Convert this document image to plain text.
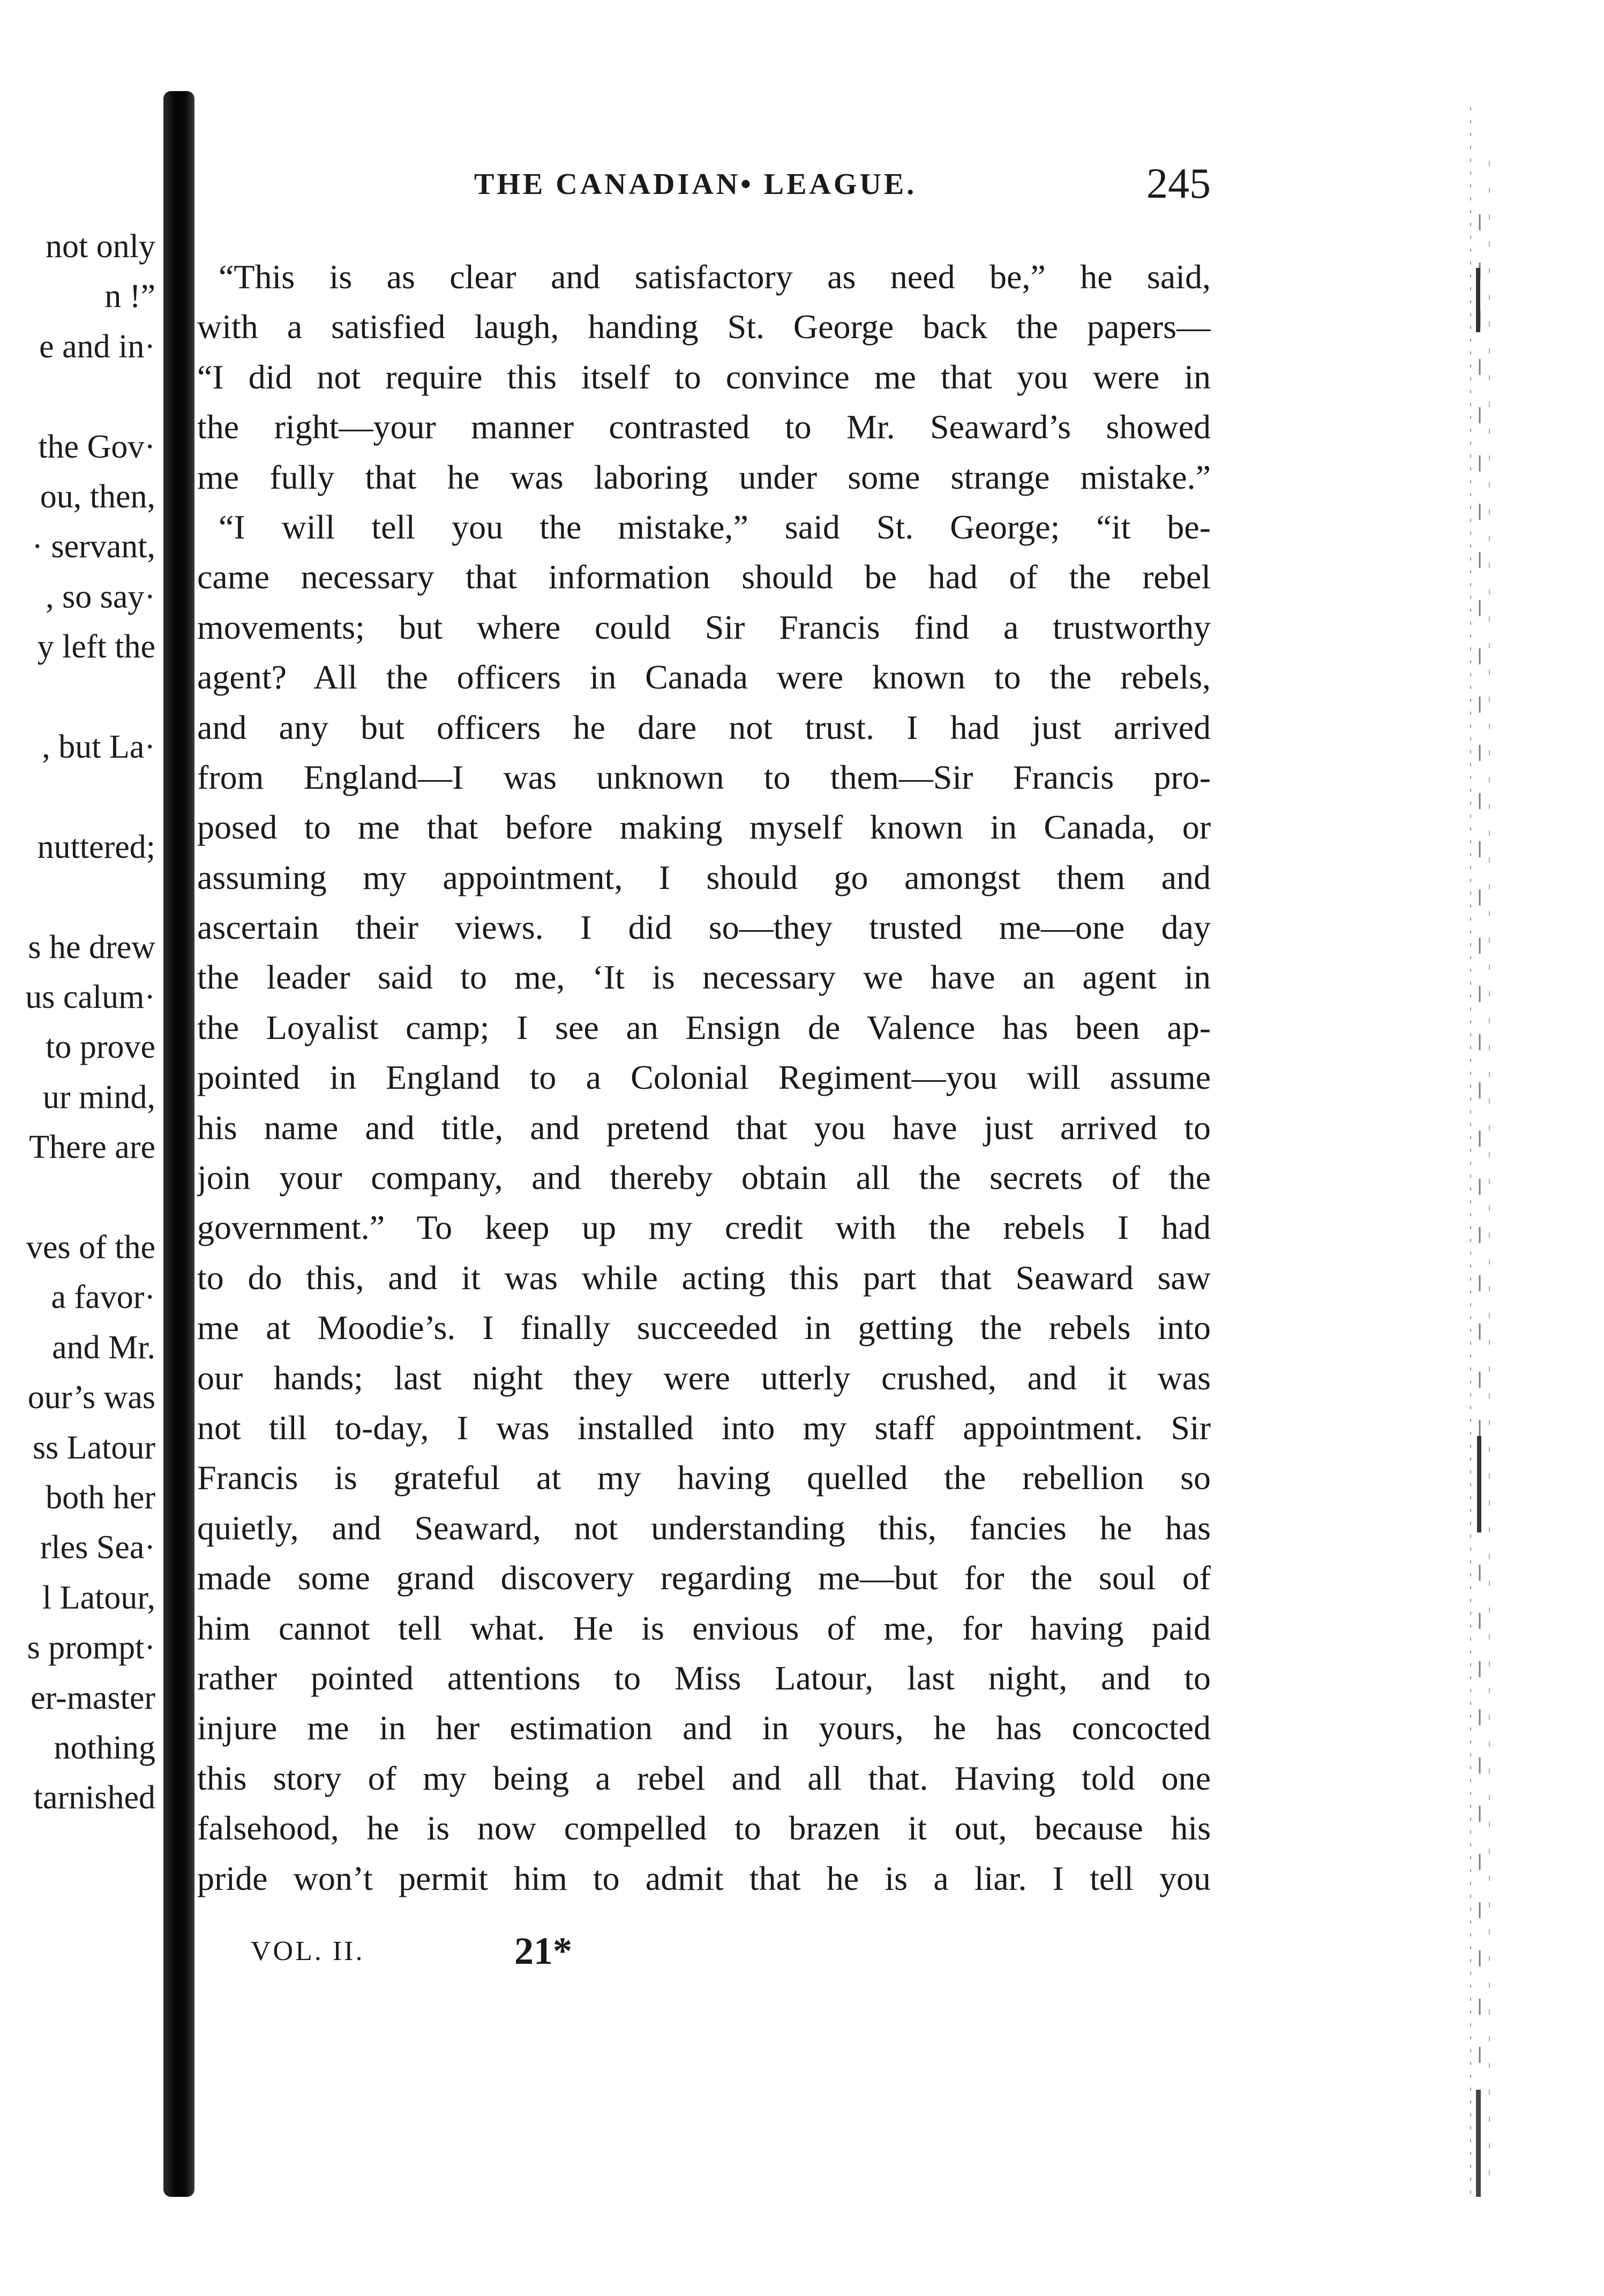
not only
n !”
e and in·
the Gov·
ou, then,
· servant,
, so say·
y left the
, but La·
nuttered;
s he drew
us calum·
to prove
ur mind,
There are
ves of the
a favor·
and Mr.
our’s was
ss Latour
both her
rles Sea·
l Latour,
s prompt·
er-master
nothing
tarnished
THE CANADIAN• LEAGUE.	245
“This is as clear and satisfactory as need be,” he said,
with a satisfied laugh, handing St. George back the papers—
“I did not require this itself to convince me that you were in
the right—your manner contrasted to Mr. Seaward’s showed
me fully that he was laboring under some strange mistake.”
“I will tell you the mistake,” said St. George; “it be-
came necessary that information should be had of the rebel
movements; but where could Sir Francis find a trustworthy
agent? All the officers in Canada were known to the rebels,
and any but officers he dare not trust. I had just arrived
from England—I was unknown to them—Sir Francis pro-
posed to me that before making myself known in Canada, or
assuming my appointment, I should go amongst them and
ascertain their views. I did so—they trusted me—one day
the leader said to me, ‘It is necessary we have an agent in
the Loyalist camp; I see an Ensign de Valence has been ap-
pointed in England to a Colonial Regiment—you will assume
his name and title, and pretend that you have just arrived to
join your company, and thereby obtain all the secrets of the
government.” To keep up my credit with the rebels I had
to do this, and it was while acting this part that Seaward saw
me at Moodie’s. I finally succeeded in getting the rebels into
our hands; last night they were utterly crushed, and it was
not till to-day, I was installed into my staff appointment. Sir
Francis is grateful at my having quelled the rebellion so
quietly, and Seaward, not understanding this, fancies he has
made some grand discovery regarding me—but for the soul of
him cannot tell what. He is envious of me, for having paid
rather pointed attentions to Miss Latour, last night, and to
injure me in her estimation and in yours, he has concocted
this story of my being a rebel and all that. Having told one
falsehood, he is now compelled to brazen it out, because his
pride won’t permit him to admit that he is a liar. I tell you
VOL. II.	21*
